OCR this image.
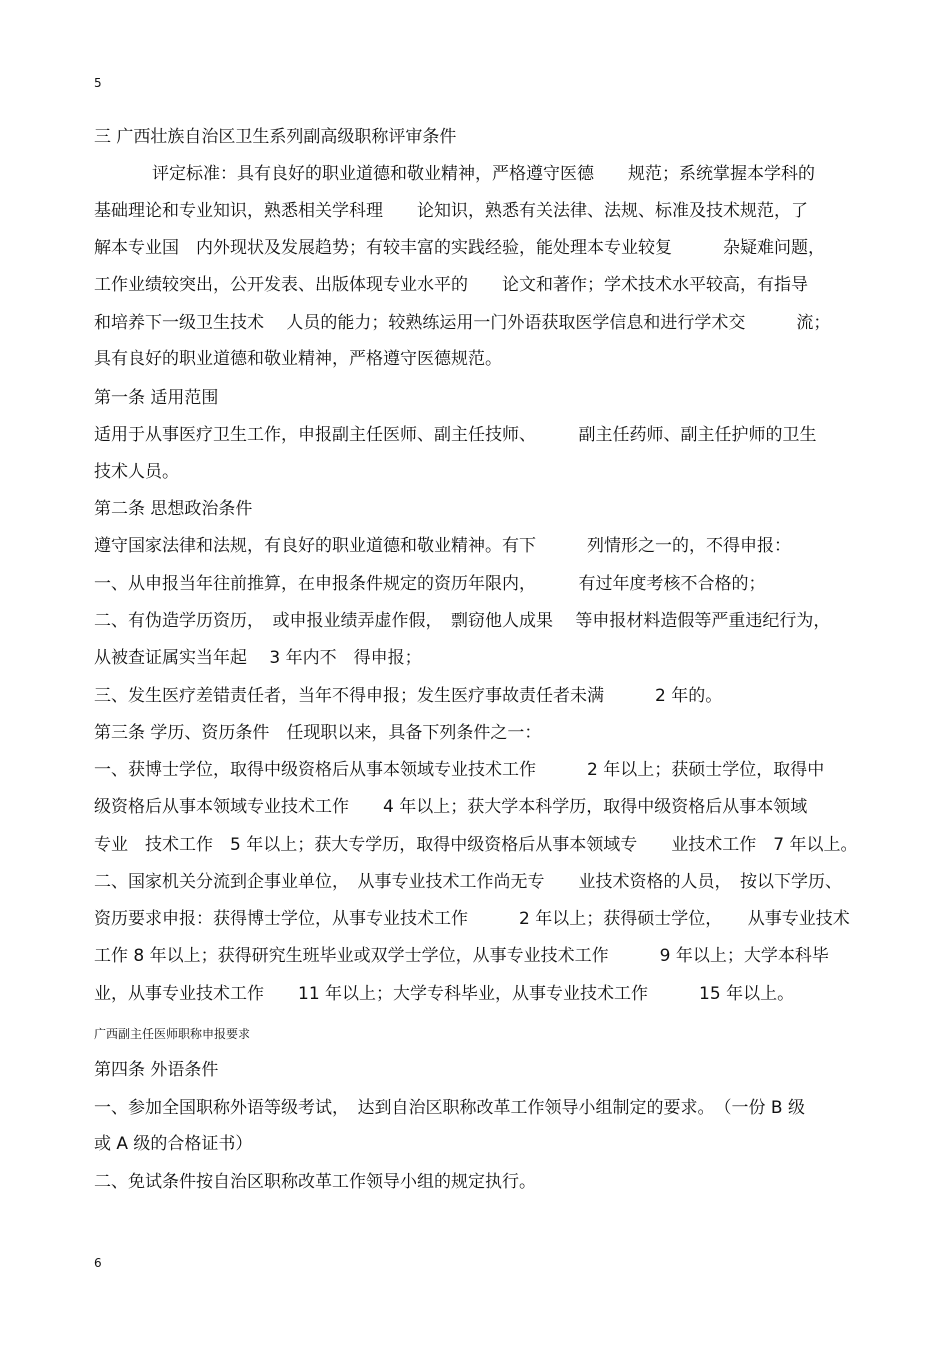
5
三 广西壮族自治区卫生系列副高级职称评审条件
评定标准：具有良好的职业道德和敬业精神，严格遵守医德　　规范；系统掌握本学科的
基础理论和专业知识，熟悉相关学科理　　论知识，熟悉有关法律、法规、标准及技术规范，了
解本专业国　内外现状及发展趋势；有较丰富的实践经验，能处理本专业较复　　　杂疑难问题，
工作业绩较突出，公开发表、出版体现专业水平的　　论文和著作；学术技术水平较高，有指导
和培养下一级卫生技术　 人员的能力；较熟练运用一门外语获取医学信息和进行学术交　　　流；
具有良好的职业道德和敬业精神，严格遵守医德规范。
第一条 适用范围
适用于从事医疗卫生工作，申报副主任医师、副主任技师、　　　副主任药师、副主任护师的卫生
技术人员。
第二条 思想政治条件
遵守国家法律和法规，有良好的职业道德和敬业精神。有下　　　列情形之一的，不得申报：
一、从申报当年往前推算，在申报条件规定的资历年限内，　　　有过年度考核不合格的；
二、有伪造学历资历，　或申报业绩弄虚作假，　剽窃他人成果　 等申报材料造假等严重违纪行为，
从被查证属实当年起　 3 年内不　得申报；
三、发生医疗差错责任者，当年不得申报；发生医疗事故责任者未满　　　2 年的。
第三条 学历、资历条件　任现职以来，具备下列条件之一：
一、获博士学位，取得中级资格后从事本领域专业技术工作　　　2 年以上；获硕士学位，取得中
级资格后从事本领域专业技术工作　　4 年以上；获大学本科学历，取得中级资格后从事本领域
专业　技术工作　5 年以上；获大专学历，取得中级资格后从事本领域专　　业技术工作　7 年以上。
二、国家机关分流到企事业单位，　从事专业技术工作尚无专　　业技术资格的人员，　按以下学历、
资历要求申报：获得博士学位，从事专业技术工作　　　2 年以上；获得硕士学位，　　从事专业技术
工作 8 年以上；获得研究生班毕业或双学士学位，从事专业技术工作　　　9 年以上；大学本科毕
业，从事专业技术工作　　11 年以上；大学专科毕业，从事专业技术工作　　　15 年以上。
广西副主任医师职称申报要求
第四条 外语条件
一、参加全国职称外语等级考试，　达到自治区职称改革工作领导小组制定的要求。　（一份 B 级
或 A 级的合格证书）
二、免试条件按自治区职称改革工作领导小组的规定执行。
6
